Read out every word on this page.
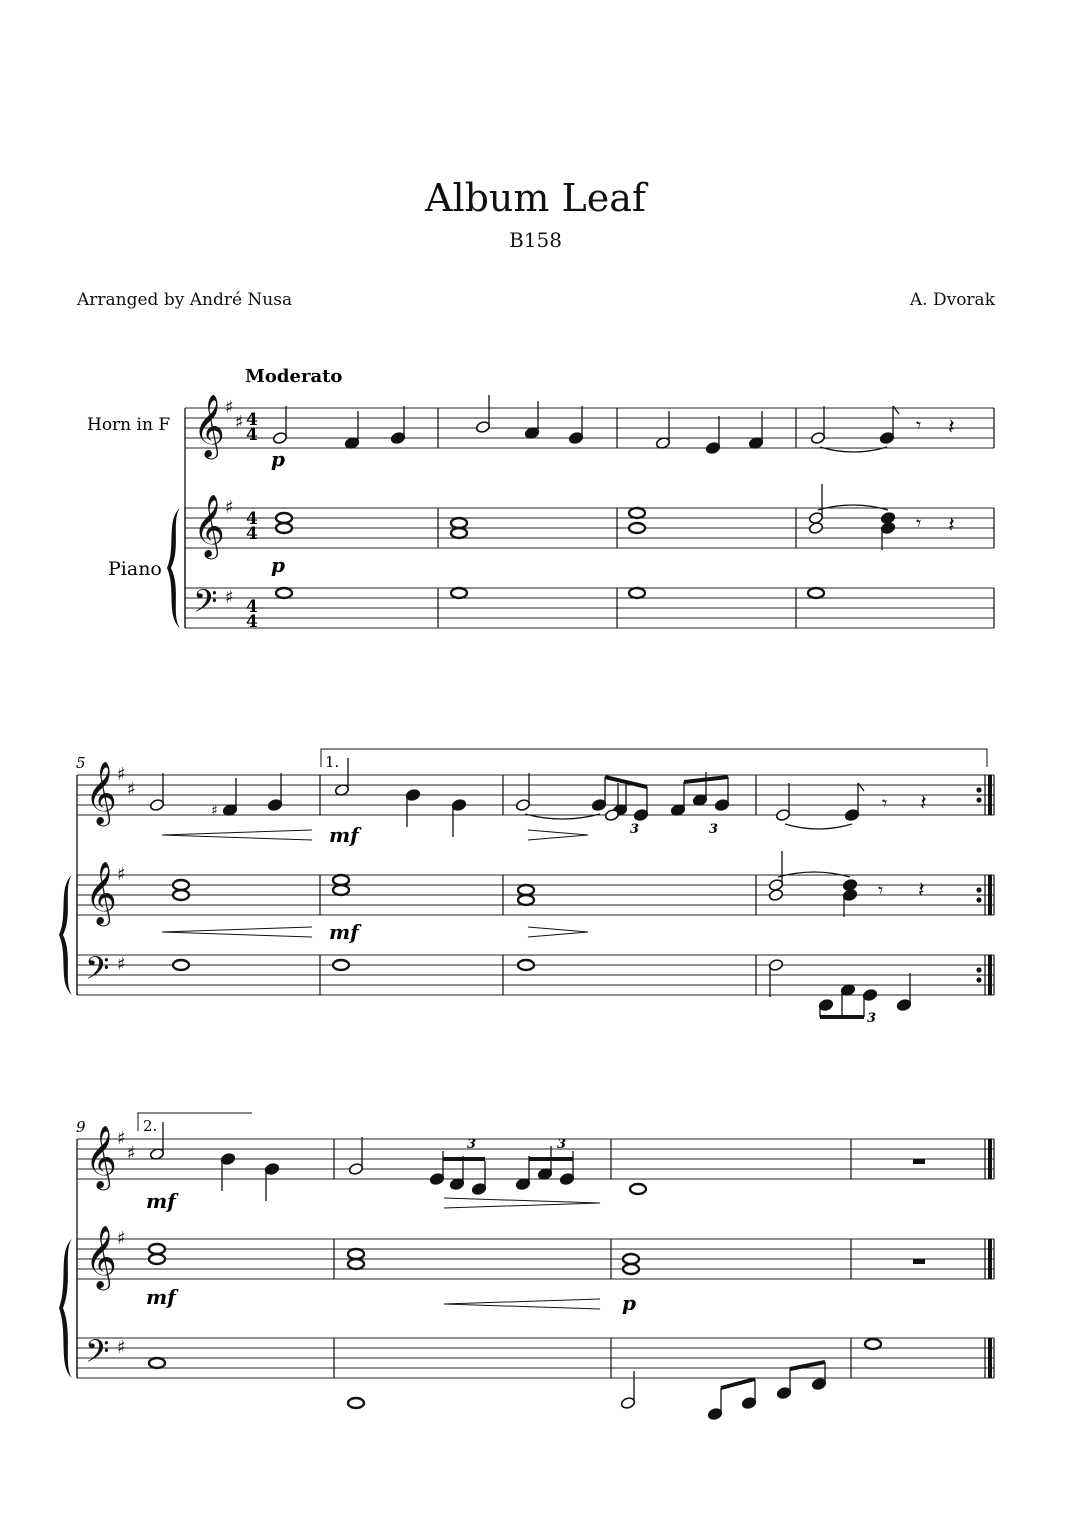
Album Leaf
B158
Arranged by André Nusa	A. Dvorak
Moderato
Horn in F
Piano
5
9
1.
2.
𝄞 ♯
♯
𝄞 ♯
𝄢 ♯
𝄞 ♯
♯
𝄞 ♯
𝄢 ♯
𝄞 ♯
♯
𝄞 ♯
𝄢 ♯
𝄾 𝄽
𝄾 𝄽
♯	𝄾 𝄽
𝄾 𝄽
4
4
4
4
4
4
p
p
mf
mf
mf
mf	p
3	3
3
3	3
